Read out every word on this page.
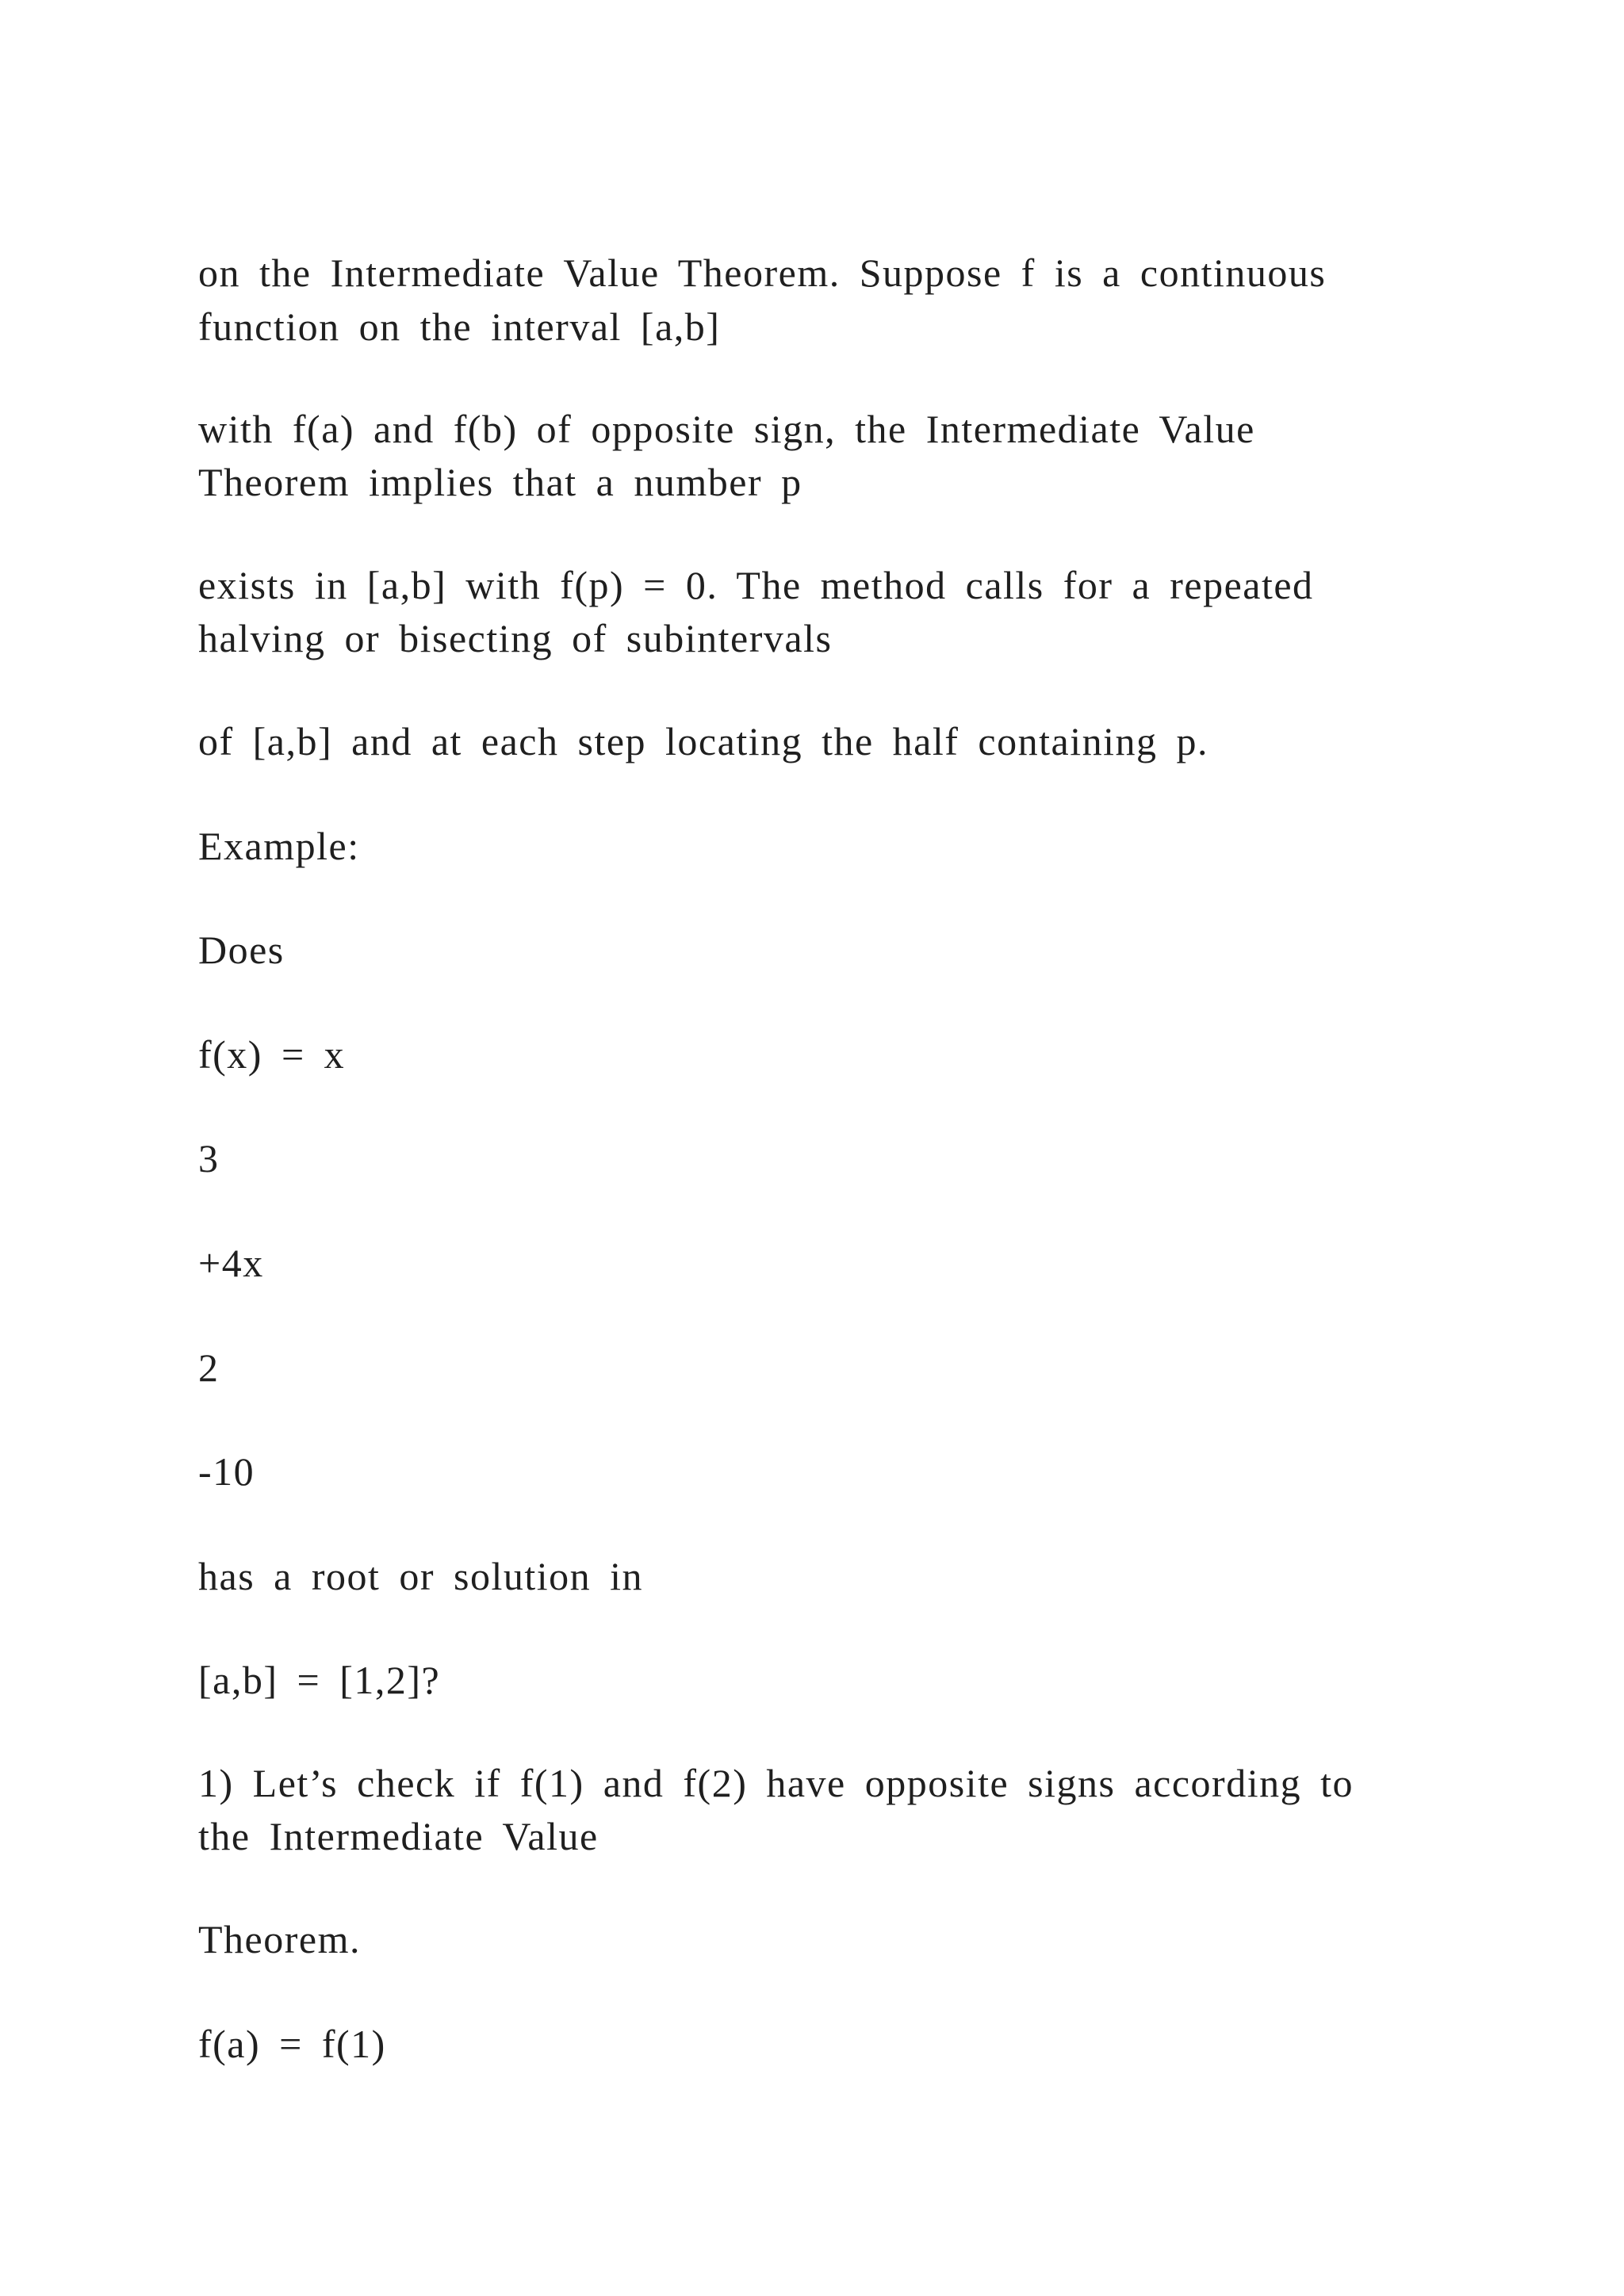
on the Intermediate Value Theorem. Suppose f is a continuous

function on the interval [a,b]

with f(a) and f(b) of opposite sign, the Intermediate Value

Theorem implies that a number p

exists in [a,b] with f(p) = 0. The method calls for a repeated

halving or bisecting of subintervals

of [a,b] and at each step locating the half containing p.

Example:

Does

f(x) = x

3

+4x

2

-10

has a root or solution in

[a,b] = [1,2]?

1) Let’s check if f(1) and f(2) have opposite signs according to

the Intermediate Value

Theorem.

f(a) = f(1)
